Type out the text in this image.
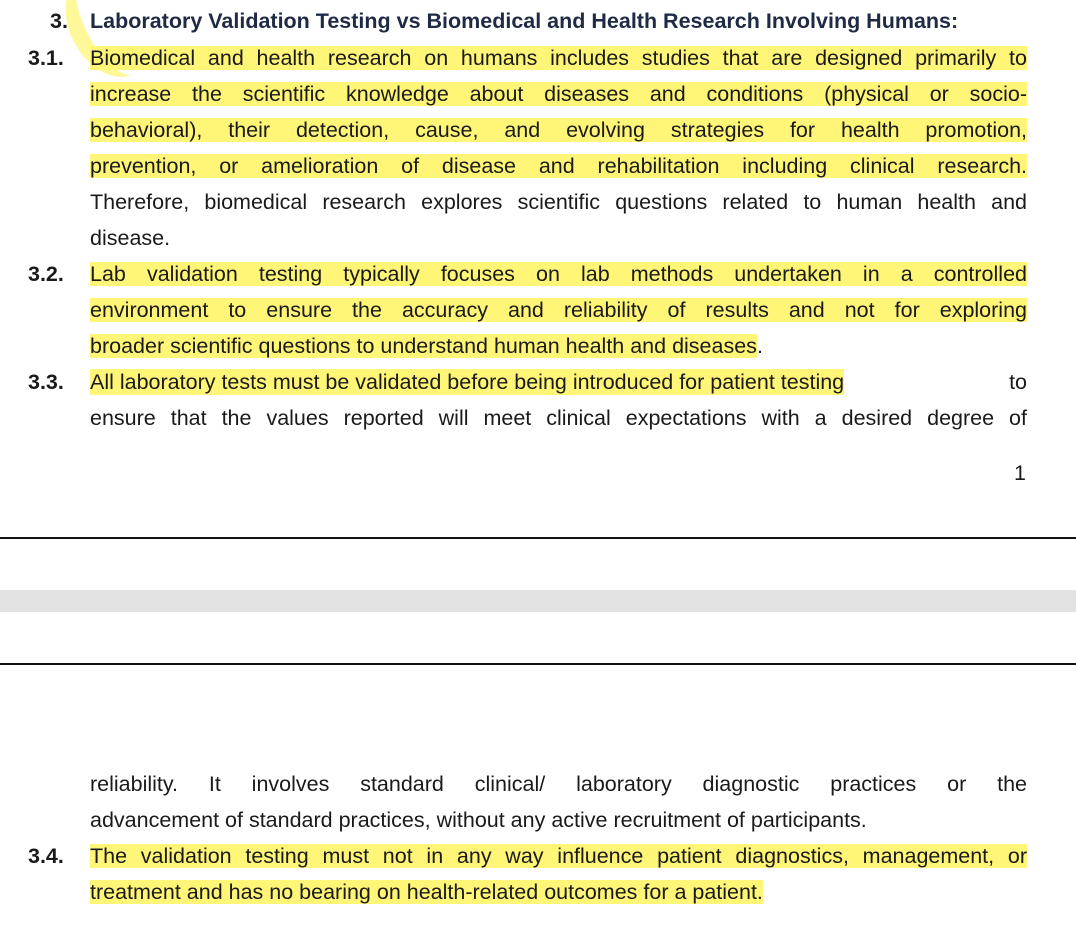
3. Laboratory Validation Testing vs Biomedical and Health Research Involving Humans:
3.1. Biomedical and health research on humans includes studies that are designed primarily to
increase the scientific knowledge about diseases and conditions (physical or socio-
behavioral), their detection, cause, and evolving strategies for health promotion,
prevention, or amelioration of disease and rehabilitation including clinical research.
Therefore, biomedical research explores scientific questions related to human health and
disease.
3.2. Lab validation testing typically focuses on lab methods undertaken in a controlled
environment to ensure the accuracy and reliability of results and not for exploring
broader scientific questions to understand human health and diseases.
3.3. All laboratory tests must be validated before being introduced for patient testing	to
ensure that the values reported will meet clinical expectations with a desired degree of
1
reliability. It involves standard clinical/ laboratory diagnostic practices or the
advancement of standard practices, without any active recruitment of participants.
3.4. The validation testing must not in any way influence patient diagnostics, management, or
treatment and has no bearing on health-related outcomes for a patient.
